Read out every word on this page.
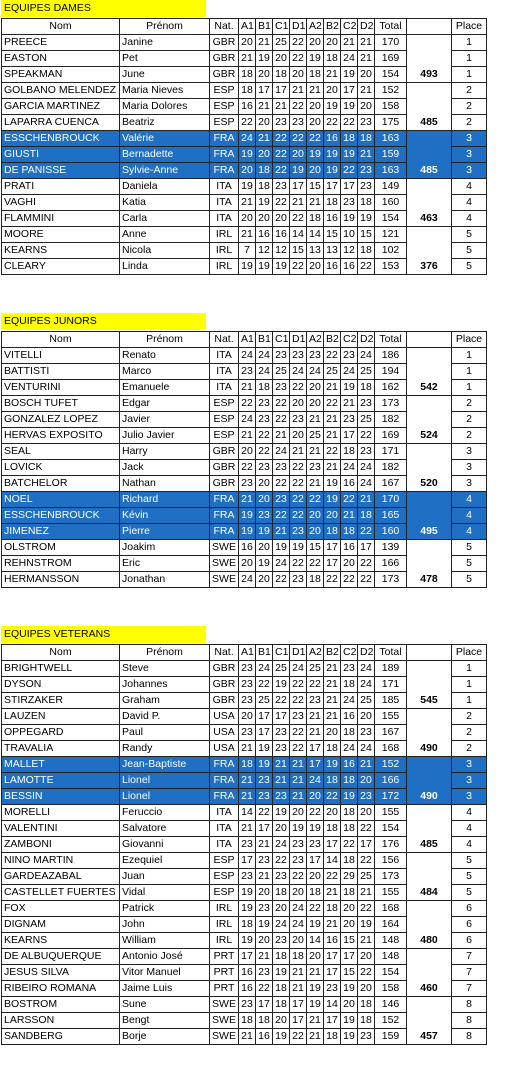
EQUIPES DAMES
Nom	Prénom	Nat.	A1	B1	C1	D1	A2	B2	C2	D2	Total		Place
PREECE	Janine	GBR	20	21	25	22	20	20	21	21	170	493	1
EASTON	Pet	GBR	21	19	20	22	19	18	24	21	169		1
SPEAKMAN	June	GBR	18	20	18	20	18	21	19	20	154		1
GOLBANO MELENDEZ	Maria Nieves	ESP	18	17	17	21	21	20	17	21	152	485	2
GARCIA MARTINEZ	Maria Dolores	ESP	16	21	21	22	20	19	19	20	158		2
LAPARRA CUENCA	Beatriz	ESP	22	20	23	23	20	22	22	23	175		2
ESSCHENBROUCK	Valérie	FRA	24	21	22	22	22	16	18	18	163	485	3
GIUSTI	Bernadette	FRA	19	20	22	20	19	19	19	21	159		3
DE PANISSE	Sylvie-Anne	FRA	20	18	22	19	20	19	22	23	163		3
PRATI	Daniela	ITA	19	18	23	17	15	17	17	23	149	463	4
VAGHI	Katia	ITA	21	19	22	21	21	18	23	18	160		4
FLAMMINI	Carla	ITA	20	20	20	22	18	16	19	19	154		4
MOORE	Anne	IRL	21	16	16	14	14	15	10	15	121	376	5
KEARNS	Nicola	IRL	7	12	12	15	13	13	12	18	102		5
CLEARY	Linda	IRL	19	19	19	22	20	16	16	22	153		5
EQUIPES JUNORS
Nom	Prénom	Nat.	A1	B1	C1	D1	A2	B2	C2	D2	Total		Place
VITELLI	Renato	ITA	24	24	23	23	23	22	23	24	186	542	1
BATTISTI	Marco	ITA	23	24	25	24	24	25	24	25	194		1
VENTURINI	Emanuele	ITA	21	18	23	22	20	21	19	18	162		1
BOSCH TUFET	Edgar	ESP	22	23	22	20	20	22	21	23	173	524	2
GONZALEZ LOPEZ	Javier	ESP	24	23	22	23	21	21	23	25	182		2
HERVAS EXPOSITO	Julio Javier	ESP	21	22	21	20	25	21	17	22	169		2
SEAL	Harry	GBR	20	22	24	21	21	22	18	23	171	520	3
LOVICK	Jack	GBR	22	23	23	22	23	21	24	24	182		3
BATCHELOR	Nathan	GBR	23	20	22	22	21	19	16	24	167		3
NOEL	Richard	FRA	21	20	23	22	22	19	22	21	170	495	4
ESSCHENBROUCK	Kévin	FRA	19	23	22	22	20	20	21	18	165		4
JIMENEZ	Pierre	FRA	19	19	21	23	20	18	18	22	160		4
OLSTROM	Joakim	SWE	16	20	19	19	15	17	16	17	139	478	5
REHNSTROM	Eric	SWE	20	19	24	22	22	17	20	22	166		5
HERMANSSON	Jonathan	SWE	24	20	22	23	18	22	22	22	173		5
EQUIPES VETERANS
Nom	Prénom	Nat.	A1	B1	C1	D1	A2	B2	C2	D2	Total		Place
BRIGHTWELL	Steve	GBR	23	24	25	24	25	21	23	24	189	545	1
DYSON	Johannes	GBR	23	22	19	22	22	21	18	24	171		1
STIRZAKER	Graham	GBR	23	25	22	22	23	21	24	25	185		1
LAUZEN	David P.	USA	20	17	17	23	21	21	16	20	155	490	2
OPPEGARD	Paul	USA	23	17	23	22	21	20	18	23	167		2
TRAVALIA	Randy	USA	21	19	23	22	17	18	24	24	168		2
MALLET	Jean-Baptiste	FRA	18	19	21	21	17	19	16	21	152	490	3
LAMOTTE	Lionel	FRA	21	23	21	21	24	18	18	20	166		3
BESSIN	Lionel	FRA	21	23	23	21	20	22	19	23	172		3
MORELLI	Feruccio	ITA	14	22	19	20	22	20	18	20	155	485	4
VALENTINI	Salvatore	ITA	21	17	20	19	19	18	18	22	154		4
ZAMBONI	Giovanni	ITA	23	21	24	23	23	17	22	17	176		4
NINO MARTIN	Ezequiel	ESP	17	23	22	23	17	14	18	22	156	484	5
GARDEAZABAL	Juan	ESP	23	21	23	22	20	22	29	25	173		5
CASTELLET FUERTES	Vidal	ESP	19	20	18	20	18	21	18	21	155		5
FOX	Patrick	IRL	19	23	20	24	22	18	20	22	168	480	6
DIGNAM	John	IRL	18	19	24	24	19	21	20	19	164		6
KEARNS	William	IRL	19	20	23	20	14	16	15	21	148		6
DE ALBUQUERQUE	Antonio José	PRT	17	21	18	18	20	17	17	20	148	460	7
JESUS SILVA	Vitor Manuel	PRT	16	23	19	21	21	17	15	22	154		7
RIBEIRO ROMANA	Jaime Luis	PRT	16	22	18	21	19	23	19	20	158		7
BOSTROM	Sune	SWE	23	17	18	17	19	14	20	18	146	457	8
LARSSON	Bengt	SWE	18	18	20	17	21	17	19	18	152		8
SANDBERG	Borje	SWE	21	16	19	22	21	18	19	23	159		8
